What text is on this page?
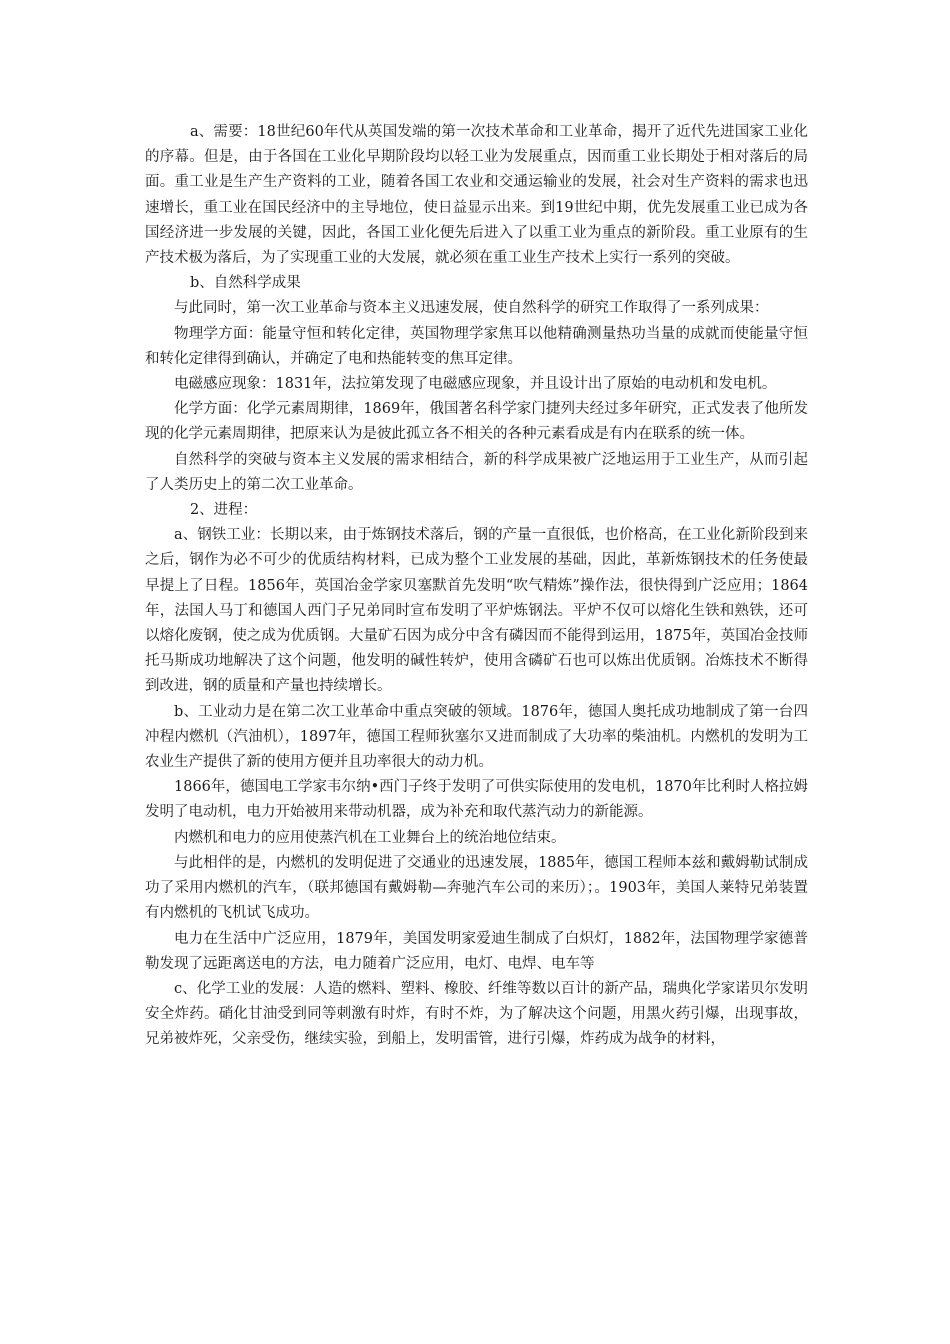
a、需要：18世纪60年代从英国发端的第一次技术革命和工业革命，揭开了近代先进国家工业化的序幕。但是，由于各国在工业化早期阶段均以轻工业为发展重点，因而重工业长期处于相对落后的局面。重工业是生产生产资料的工业，随着各国工农业和交通运输业的发展，社会对生产资料的需求也迅速增长，重工业在国民经济中的主导地位，使日益显示出来。到19世纪中期，优先发展重工业已成为各国经济进一步发展的关键，因此，各国工业化便先后进入了以重工业为重点的新阶段。重工业原有的生产技术极为落后，为了实现重工业的大发展，就必须在重工业生产技术上实行一系列的突破。

b、自然科学成果

与此同时，第一次工业革命与资本主义迅速发展，使自然科学的研究工作取得了一系列成果：

物理学方面：能量守恒和转化定律，英国物理学家焦耳以他精确测量热功当量的成就而使能量守恒和转化定律得到确认，并确定了电和热能转变的焦耳定律。

电磁感应现象：1831年，法拉第发现了电磁感应现象，并且设计出了原始的电动机和发电机。

化学方面：化学元素周期律，1869年，俄国著名科学家门捷列夫经过多年研究，正式发表了他所发现的化学元素周期律，把原来认为是彼此孤立各不相关的各种元素看成是有内在联系的统一体。

自然科学的突破与资本主义发展的需求相结合，新的科学成果被广泛地运用于工业生产，从而引起了人类历史上的第二次工业革命。

2、进程：

a、钢铁工业：长期以来，由于炼钢技术落后，钢的产量一直很低，也价格高，在工业化新阶段到来之后，钢作为必不可少的优质结构材料，已成为整个工业发展的基础，因此，革新炼钢技术的任务使最早提上了日程。1856年，英国冶金学家贝塞默首先发明“吹气精炼”操作法，很快得到广泛应用；1864年，法国人马丁和德国人西门子兄弟同时宣布发明了平炉炼钢法。平炉不仅可以熔化生铁和熟铁，还可以熔化废钢，使之成为优质钢。大量矿石因为成分中含有磷因而不能得到运用，1875年，英国冶金技师托马斯成功地解决了这个问题，他发明的碱性转炉，使用含磷矿石也可以炼出优质钢。冶炼技术不断得到改进，钢的质量和产量也持续增长。

b、工业动力是在第二次工业革命中重点突破的领域。1876年，德国人奥托成功地制成了第一台四冲程内燃机（汽油机），1897年，德国工程师狄塞尔又进而制成了大功率的柴油机。内燃机的发明为工农业生产提供了新的使用方便并且功率很大的动力机。

1866年，德国电工学家韦尔纳•西门子终于发明了可供实际使用的发电机，1870年比利时人格拉姆发明了电动机，电力开始被用来带动机器，成为补充和取代蒸汽动力的新能源。

内燃机和电力的应用使蒸汽机在工业舞台上的统治地位结束。

与此相伴的是，内燃机的发明促进了交通业的迅速发展，1885年，德国工程师本兹和戴姆勒试制成功了采用内燃机的汽车，（联邦德国有戴姆勒—奔驰汽车公司的来历）；。1903年，美国人莱特兄弟装置有内燃机的飞机试飞成功。

电力在生活中广泛应用，1879年，美国发明家爱迪生制成了白炽灯，1882年，法国物理学家德普勒发现了远距离送电的方法，电力随着广泛应用，电灯、电焊、电车等

c、化学工业的发展：人造的燃料、塑料、橡胶、纤维等数以百计的新产品，瑞典化学家诺贝尔发明安全炸药。硝化甘油受到同等刺激有时炸，有时不炸，为了解决这个问题，用黑火药引爆，出现事故，兄弟被炸死，父亲受伤，继续实验，到船上，发明雷管，进行引爆，炸药成为战争的材料，
